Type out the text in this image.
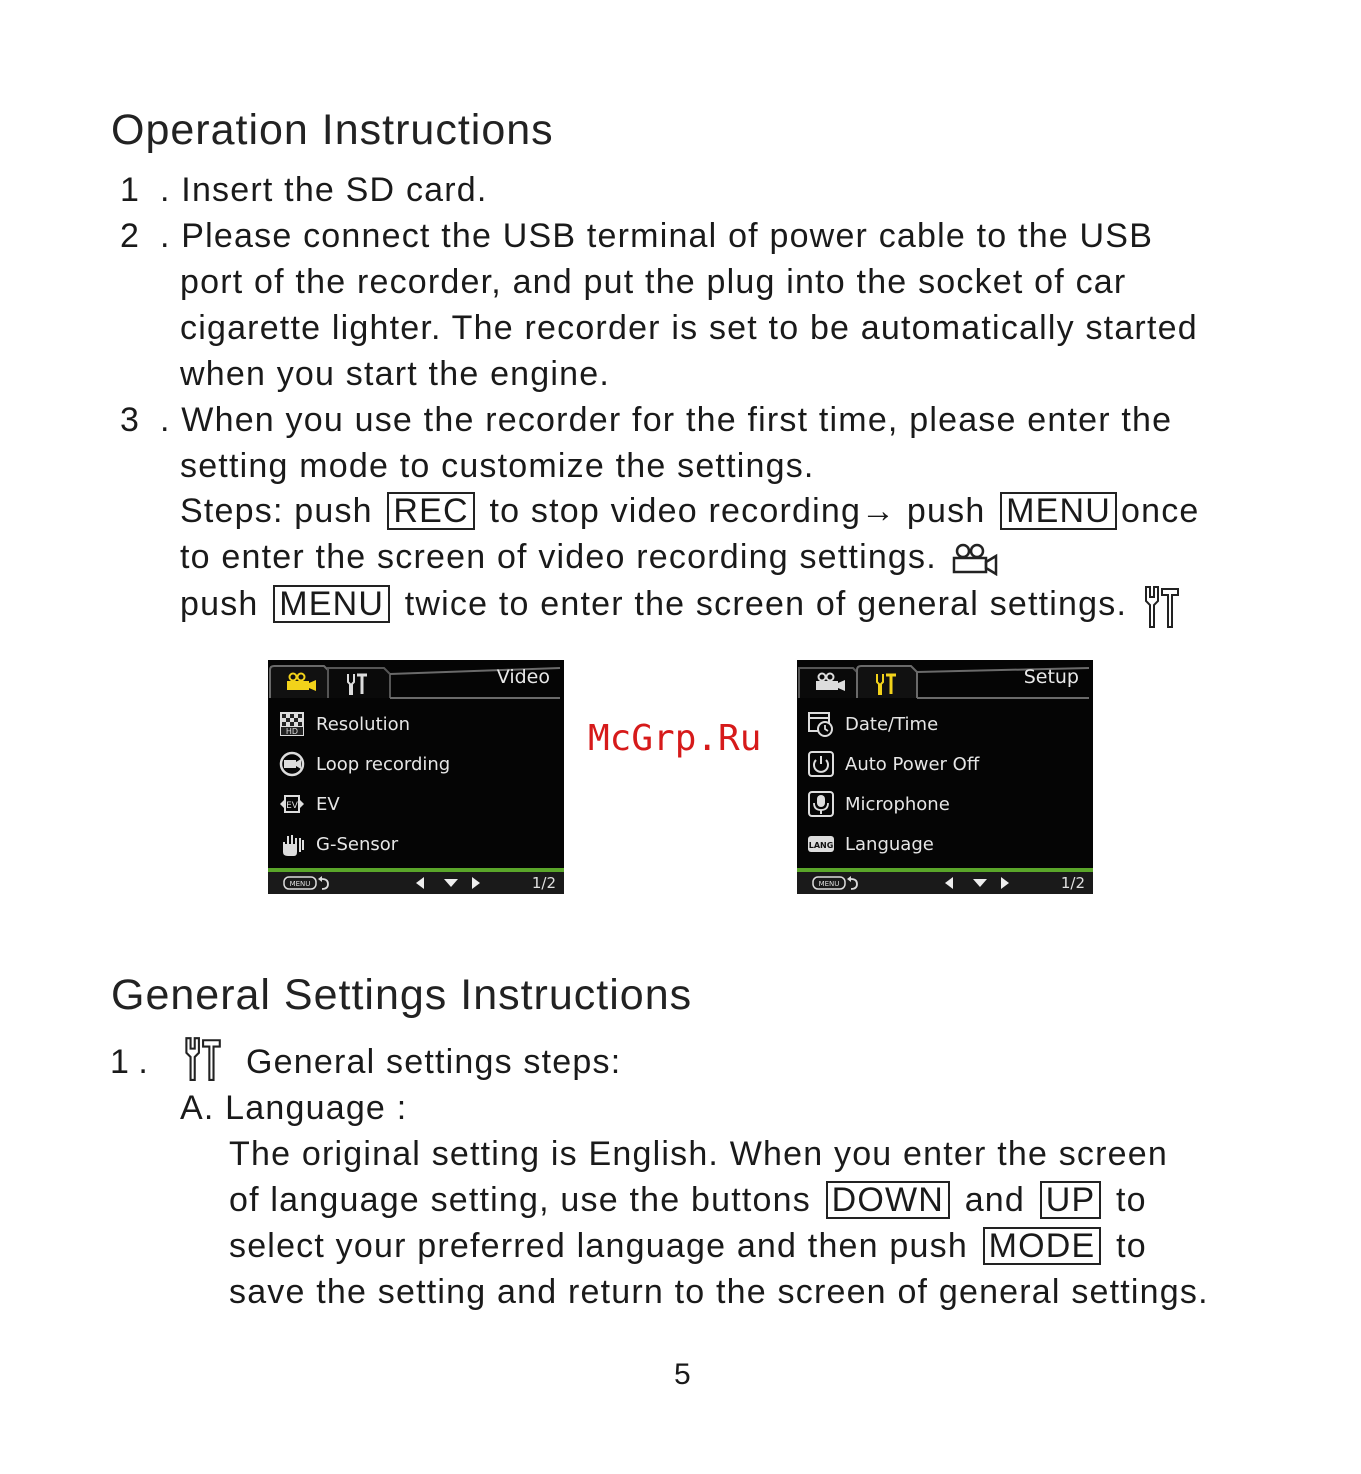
Operation Instructions
1 . Insert the SD card.
2 . Please connect the USB terminal of power cable to the USB
port of the recorder, and put the plug into the socket of car
cigarette lighter. The recorder is set to be automatically started
when you start the engine.
3 . When you use the recorder for the first time, please enter the
setting mode to customize the settings.
Steps: push REC to stop video recording→ push MENU once
to enter the screen of video recording settings.
push MENU twice to enter the screen of general settings.
Video
HD Resolution
Loop recording
EV EV
G-Sensor
MENU	1/2
McGrp.Ru
Setup
Date/Time
Auto Power Off
Microphone
LANG Language
MENU	1/2
General Settings Instructions
1 .	General settings steps:
A. Language :
The original setting is English. When you enter the screen
of language setting, use the buttons DOWN and UP to
select your preferred language and then push MODE to
save the setting and return to the screen of general settings.
5
